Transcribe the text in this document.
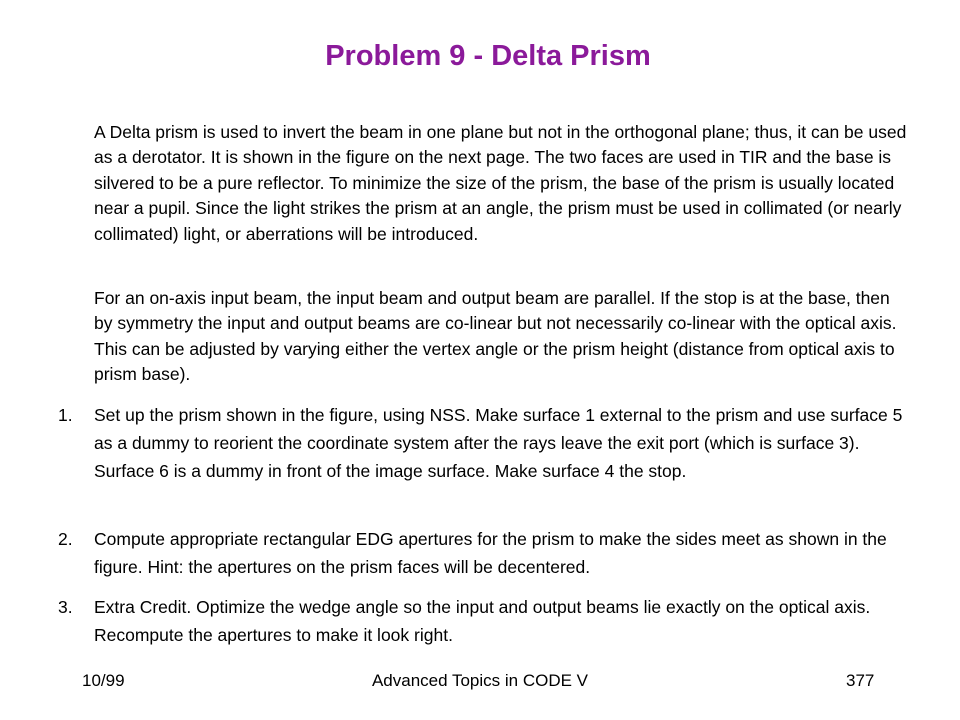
Problem 9 - Delta Prism

A Delta prism is used to invert the beam in one plane but not in the orthogonal plane; thus, it can be used as a derotator. It is shown in the figure on the next page. The two faces are used in TIR and the base is silvered to be a pure reflector. To minimize the size of the prism, the base of the prism is usually located near a pupil. Since the light strikes the prism at an angle, the prism must be used in collimated (or nearly collimated) light, or aberrations will be introduced.

For an on-axis input beam, the input beam and output beam are parallel. If the stop is at the base, then by symmetry the input and output beams are co-linear but not necessarily co-linear with the optical axis. This can be adjusted by varying either the vertex angle or the prism height (distance from optical axis to prism base).

1. Set up the prism shown in the figure, using NSS. Make surface 1 external to the prism and use surface 5 as a dummy to reorient the coordinate system after the rays leave the exit port (which is surface 3). Surface 6 is a dummy in front of the image surface. Make surface 4 the stop.
2. Compute appropriate rectangular EDG apertures for the prism to make the sides meet as shown in the figure. Hint: the apertures on the prism faces will be decentered.
3. Extra Credit. Optimize the wedge angle so the input and output beams lie exactly on the optical axis. Recompute the apertures to make it look right.
10/99	Advanced Topics in CODE V	377
